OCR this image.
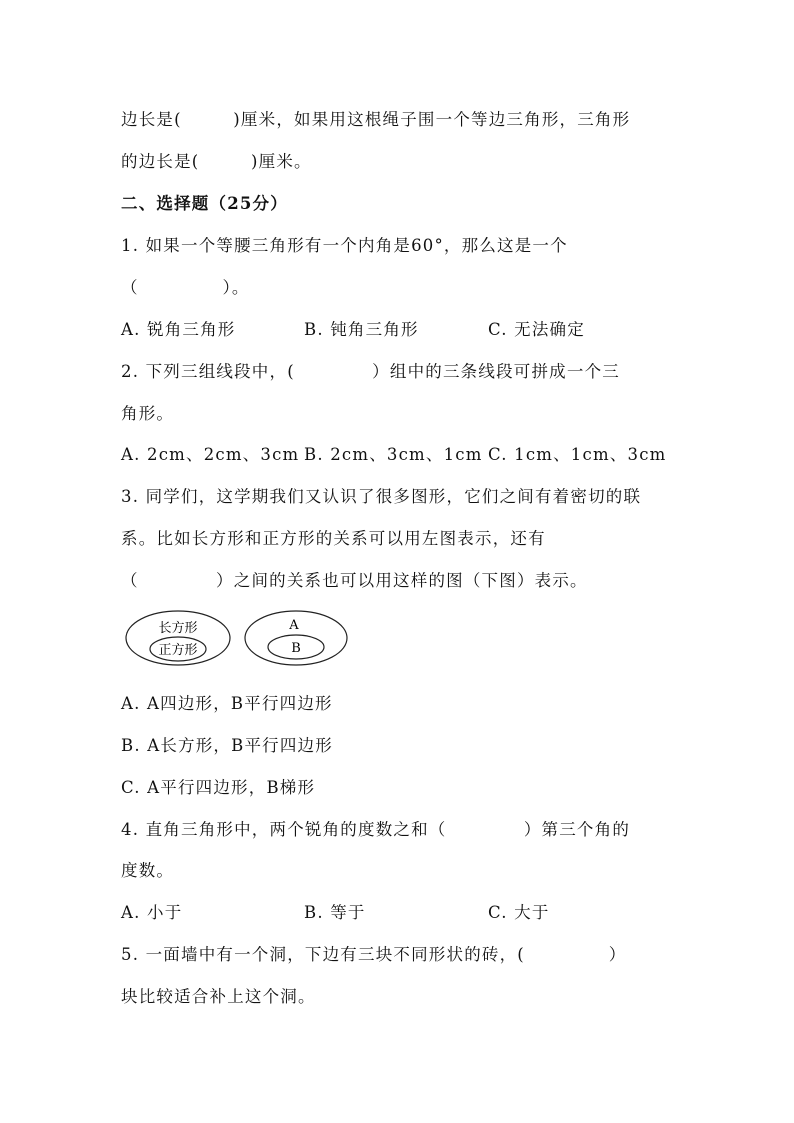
边长是(        )厘米，如果用这根绳子围一个等边三角形，三角形
的边长是(        )厘米。
二、选择题（25分）
1. 如果一个等腰三角形有一个内角是60°，那么这是一个
（             ）。
A. 锐角三角形	B. 钝角三角形	C. 无法确定
2. 下列三组线段中，(            ）组中的三条线段可拼成一个三
角形。
A. 2cm、2cm、3cm B. 2cm、3cm、1cm C. 1cm、1cm、3cm
3. 同学们，这学期我们又认识了很多图形，它们之间有着密切的联
系。比如长方形和正方形的关系可以用左图表示，还有
（            ）之间的关系也可以用这样的图（下图）表示。
长方形
正方形
A
B
A. A四边形，B平行四边形
B. A长方形，B平行四边形
C. A平行四边形，B梯形
4. 直角三角形中，两个锐角的度数之和（            ）第三个角的
度数。
A. 小于	B. 等于	C. 大于
5. 一面墙中有一个洞，下边有三块不同形状的砖，(             ）
块比较适合补上这个洞。
